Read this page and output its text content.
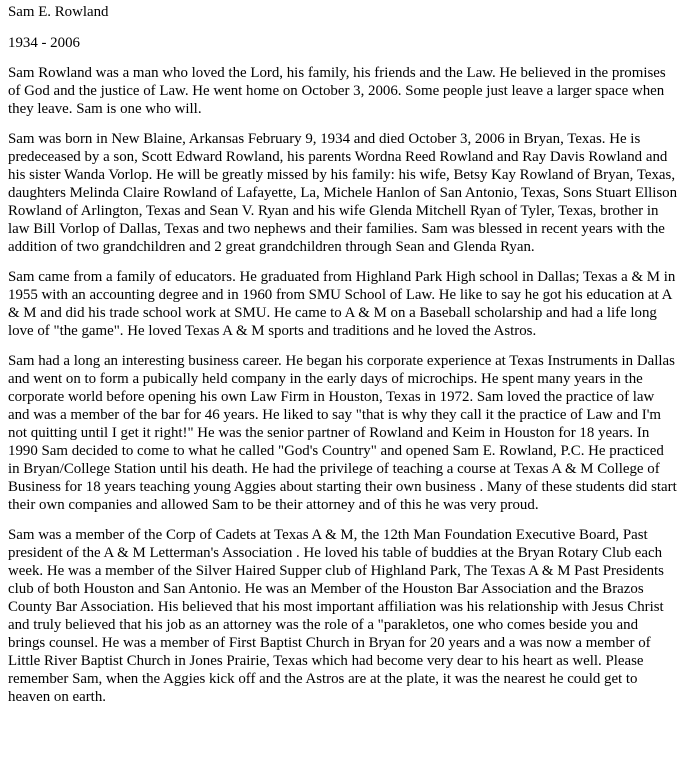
Sam E. Rowland

1934 - 2006

Sam Rowland was a man who loved the Lord, his family, his friends and the Law. He believed in the promises of God and the justice of Law. He went home on October 3, 2006. Some people just leave a larger space when they leave. Sam is one who will.

Sam was born in New Blaine, Arkansas February 9, 1934 and died October 3, 2006 in Bryan, Texas. He is predeceased by a son, Scott Edward Rowland, his parents Wordna Reed Rowland and Ray Davis Rowland and his sister Wanda Vorlop. He will be greatly missed by his family: his wife, Betsy Kay Rowland of Bryan, Texas, daughters Melinda Claire Rowland of Lafayette, La, Michele Hanlon of San Antonio, Texas, Sons Stuart Ellison Rowland of Arlington, Texas and Sean V. Ryan and his wife Glenda Mitchell Ryan of Tyler, Texas, brother in law Bill Vorlop of Dallas, Texas and two nephews and their families. Sam was blessed in recent years with the addition of two grandchildren and 2 great grandchildren through Sean and Glenda Ryan.

Sam came from a family of educators. He graduated from Highland Park High school in Dallas; Texas a & M in 1955 with an accounting degree and in 1960 from SMU School of Law. He like to say he got his education at A & M and did his trade school work at SMU. He came to A & M on a Baseball scholarship and had a life long love of "the game". He loved Texas A & M sports and traditions and he loved the Astros.

Sam had a long an interesting business career. He began his corporate experience at Texas Instruments in Dallas and went on to form a pubically held company in the early days of microchips. He spent many years in the corporate world before opening his own Law Firm in Houston, Texas in 1972. Sam loved the practice of law and was a member of the bar for 46 years. He liked to say "that is why they call it the practice of Law and I'm not quitting until I get it right!" He was the senior partner of Rowland and Keim in Houston for 18 years. In 1990 Sam decided to come to what he called "God's Country" and opened Sam E. Rowland, P.C. He practiced in Bryan/College Station until his death. He had the privilege of teaching a course at Texas A & M College of Business for 18 years teaching young Aggies about starting their own business . Many of these students did start their own companies and allowed Sam to be their attorney and of this he was very proud.

Sam was a member of the Corp of Cadets at Texas A & M, the 12th Man Foundation Executive Board, Past president of the A & M Letterman's Association . He loved his table of buddies at the Bryan Rotary Club each week. He was a member of the Silver Haired Supper club of Highland Park, The Texas A & M Past Presidents club of both Houston and San Antonio. He was an Member of the Houston Bar Association and the Brazos County Bar Association. His believed that his most important affiliation was his relationship with Jesus Christ and truly believed that his job as an attorney was the role of a "parakletos, one who comes beside you and brings counsel. He was a member of First Baptist Church in Bryan for 20 years and a was now a member of Little River Baptist Church in Jones Prairie, Texas which had become very dear to his heart as well. Please remember Sam, when the Aggies kick off and the Astros are at the plate, it was the nearest he could get to heaven on earth.
